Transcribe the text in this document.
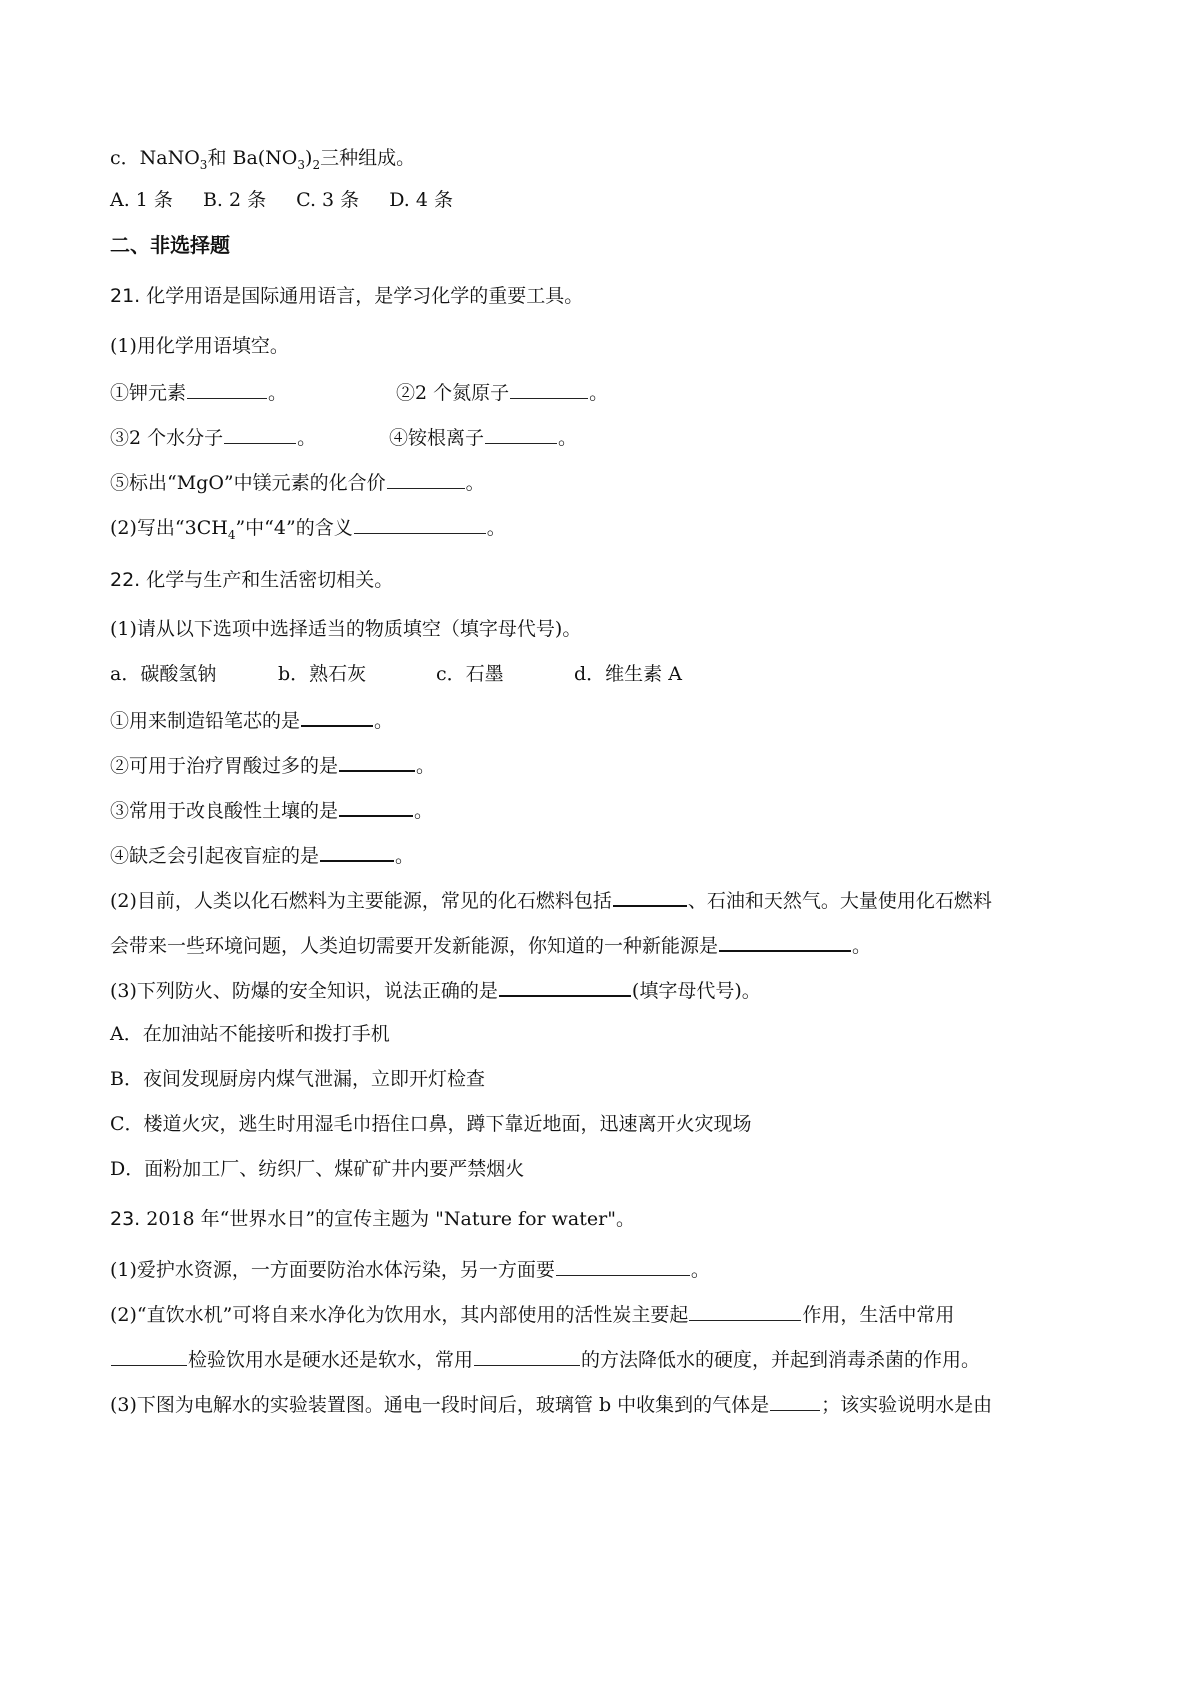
c．NaNO$_3$和 $Ba(NO_3)_2$三种组成。
A. 1 条 B. 2 条 C. 3 条 D. 4 条
二、非选择题
21. 化学用语是国际通用语言，是学习化学的重要工具。
(1)用化学用语填空。
①钾元素	。	②2 个氮原子	。
③2 个水分子	。	④铵根离子	。
⑤标出“MgO”中镁元素的化合价	。
(2)写出“$3CH_4$”中“4”的含义	。
22. 化学与生产和生活密切相关。
(1)请从以下选项中选择适当的物质填空（填字母代号)。
a．碳酸氢钠	b．熟石灰	c．石墨	d．维生素 A
①用来制造铅笔芯的是	。
②可用于治疗胃酸过多的是	。
③常用于改良酸性土壤的是	。
④缺乏会引起夜盲症的是	。
(2)目前，人类以化石燃料为主要能源，常见的化石燃料包括	、石油和天然气。大量使用化石燃料
会带来一些环境问题，人类迫切需要开发新能源，你知道的一种新能源是	。
(3)下列防火、防爆的安全知识，说法正确的是	(填字母代号)。
A．在加油站不能接听和拨打手机
B．夜间发现厨房内煤气泄漏，立即开灯检查
C．楼道火灾，逃生时用湿毛巾捂住口鼻，蹲下靠近地面，迅速离开火灾现场
D．面粉加工厂、纺织厂、煤矿矿井内要严禁烟火
23. 2018 年“世界水日”的宣传主题为 "Nature for water"。
(1)爱护水资源，一方面要防治水体污染，另一方面要	。
(2)“直饮水机”可将自来水净化为饮用水，其内部使用的活性炭主要起	作用，生活中常用
检验饮用水是硬水还是软水，常用	的方法降低水的硬度，并起到消毒杀菌的作用。
(3)下图为电解水的实验装置图。通电一段时间后，玻璃管 b 中收集到的气体是	；该实验说明水是由
